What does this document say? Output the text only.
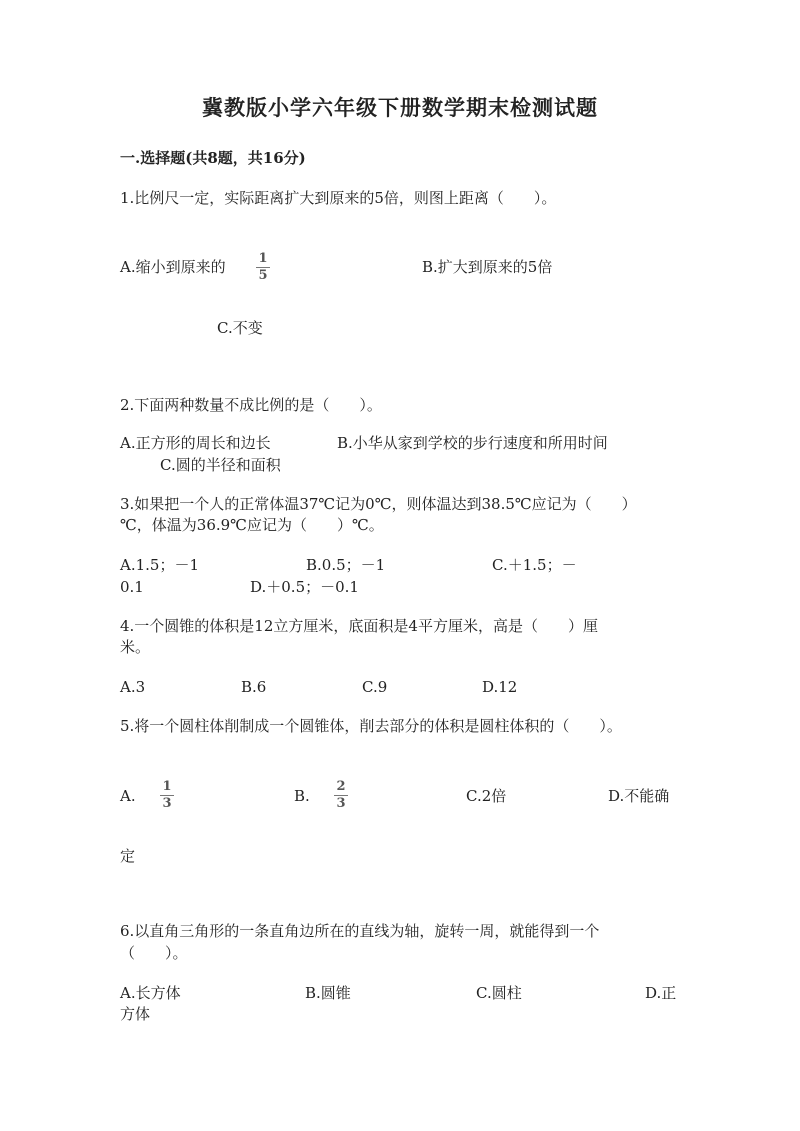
冀教版小学六年级下册数学期末检测试题
一.选择题(共8题，共16分)
1.比例尺一定，实际距离扩大到原来的5倍，则图上距离（　　）。
A.缩小到原来的	1
5	B.扩大到原来的5倍
C.不变
2.下面两种数量不成比例的是（　　）。
A.正方形的周长和边长	B.小华从家到学校的步行速度和所用时间
C.圆的半径和面积
3.如果把一个人的正常体温37℃记为0℃，则体温达到38.5℃应记为（　　）
℃，体温为36.9℃应记为（　　）℃。
A.1.5；－1	B.0.5；－1	C.＋1.5；－
0.1	D.＋0.5；－0.1
4.一个圆锥的体积是12立方厘米，底面积是4平方厘米，高是（　　）厘
米。
A.3	B.6	C.9	D.12
5.将一个圆柱体削制成一个圆锥体，削去部分的体积是圆柱体积的（　　）。
A.
1
3	B.
2
3	C.2倍	D.不能确
定
6.以直角三角形的一条直角边所在的直线为轴，旋转一周，就能得到一个
（　　）。
A.长方体	B.圆锥	C.圆柱	D.正
方体
